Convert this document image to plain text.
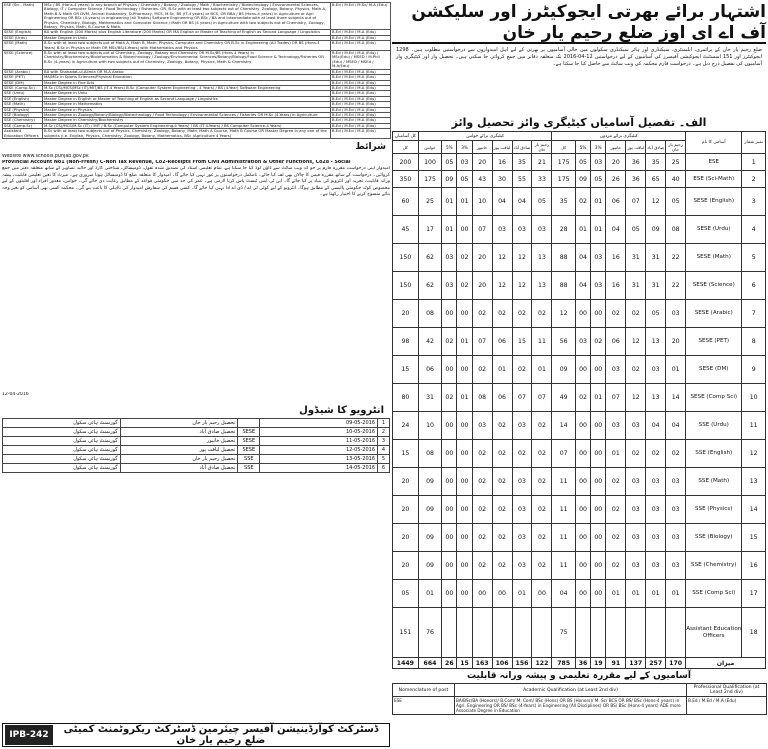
ESE (Sci - Math)	MSc / BS (Hons-4 years) in any branch of Physics / Chemistry / Botany / Zoology / Math / Biochemistry / Biotechnology / Environmental Sciences, Biology, IT / Computer Science / Food Technology / Fisheries. OR, B.Sc with at least two subjects out of Chemistry, Zoology, Botany, Physics, Math-A, Math-B & Math OR DVM, Animal Husbandry, D-Pharmacy, MCS, M.Sc, BS (IT-4 years) or BCS, OR BBA / BS (Hons-4 years) in Agriculture or Agri Engineering OR BSc (4-years) in engineering (all Trades) Software Engineering OR BSc / BA and Intermediate with at least three subjects out of Physics, Chemistry, Biology, Mathematics and Computer Science / Math OR BS (4 years) in Agriculture with two subjects out of Chemistry, Zoology, Botany, Physics, Math, B.Course & Math.	B.Ed / M.Ed / M.Sc/ M.A (Edu)
SESE (English)	BA with English (200 Marks) plus English Literature (200 Marks) OR MA English or Master of Teaching of English as Second Language / Linguistics	B.Ed / M.Ed / M.A (Edu)
SESE (Urdu)	Master Degree in Urdu	B.Ed / M.Ed / M.A (Edu)
SESE (Math)	B.Sc with at least two subjects out of Math A, Math B, Math, Physics, Computer and Chemistry OR B.Sc in Engineering (All Trades) OR BS (Hons-4 Years) B.Sc in Physics or Math OR MSc/BS(4-Years) with Mathematics and Physics	B.Ed / M.Ed / M.A (Edu)
SESE (Science)	B.Sc with at least two subjects out of Chemistry, Zoology, Botany and Chemistry OR M.Sc/BS (Hons 4 Years) in Chemistry/Biochemistry/Bioinformatics & Biotechnology / Zoology/Environmental Sciences/Botany/Biology/Food Science & Technology/Fisheries OR B.Sc (4-years) in Agriculture with two subjects out of Chemistry, Zoology, Botany, Physics, Math & Chemistry	B.Ed / M.Ed / M.A (Edu) / MSc(Edu) / MSED / M.Phil (Edu) / MSED / MSEd / M.A(Edu)
SESE (Arabic)	BA with Shahadat-ul-Alimia OR M.A Arabic	B.Ed / M.Ed / M.A (Edu)
SESE (PET)	MA/MSc in Sports Sciences/Physical Education	B.Ed / M.Ed / M.A (Edu)
SESE (DM)	Master Degree in Fine Arts	B.Ed / M.Ed / M.A (Edu)
SESE (Comp-Sc)	M.Sc (CS)/MCS/MSc (IT)/MIT/BS (IT-4 Years) B.Sc (Computer System Engineering - 4 Years) / BS (4-Year) Software Engineering	B.Ed / M.Ed / M.A (Edu)
SSE (Urdu)	Master Degree in Urdu	B.Ed / M.Ed / M.A (Edu)
SSE (English)	Master Degree in English or Master of Teaching of English as Second Language / Linguistics	B.Ed / M.Ed / M.A (Edu)
SSE (Math)	Master Degree in Mathematics	B.Ed / M.Ed / M.A (Edu)
SSE (Physics)	Master Degree in Physics	B.Ed / M.Ed / M.A (Edu)
SSE (Biology)	Master Degree in Zoology/Botany/Biology/Biotechnology / Food Technology / Environmental Sciences / Fisheries OR M.Sc (4-Years) in Agriculture	B.Ed / M.Ed / M.A (Edu)
SSE (Chemistry)	Master Degree in Chemistry/Biochemistry	B.Ed / M.Ed / M.A (Edu)
SSE (Comp-Sc)	M.Sc (CS)/MCS/M.Sc (IT) / MIT / B.Sc (Computer System Engineering-4 Years) / BS (IT 4-Years) / BS Computer Science-4 Years)	B.Ed / M.Ed / M.A (Edu)
Assistant Education Officers	B.Sc with at least two subjects out of Physics, Chemistry, Zoology, Botany, Math, Math A Course, Math B Course OR Master Degree in any one of the subjects (i.e. English, Physics, Chemistry, Zoology, Botany, Mathematics, BSc (Agriculture 4 Years)	B.Ed / M.Ed / M.A (Edu)
شرائط
Website www.schools.punjab.gov.pk
Provincial Account No1 (Non-Fresh) C-Non Tax Revenue, Co2-Receipts From Civil Administration & Other Functions, Co28 - Social
امیدوار اپنی درخواست مقررہ فارم پر جو کہ ویب سائٹ سے ڈاؤن لوڈ کیا جا سکتا ہے، تمام تعلیمی اسناد کی تصدیق شدہ نقول، ڈومیسائل، شناختی کارڈ اور حالیہ تصاویر کے ساتھ متعلقہ دفتر میں جمع کروائیں۔ درخواست کے ساتھ مقررہ فیس کا چالان بھی لف کیا جائے۔ نامکمل درخواستوں پر غور نہیں کیا جائے گا۔ امیدوار کا متعلقہ ضلع کا ڈومیسائل ہونا ضروری ہے۔ میرٹ کا تعین تعلیمی قابلیت، پیشہ ورانہ قابلیت، تجربہ اور انٹرویو کی بنیاد پر کیا جائے گا۔ این ٹی ایس ٹیسٹ پاس کرنا لازمی ہے۔ عمر کی حد میں حکومتی قواعد کے مطابق رعایت دی جائے گی۔ خواتین، معذور افراد اور اقلیتوں کے لیے مخصوص کوٹہ حکومتی پالیسی کے مطابق ہوگا۔ انٹرویو کے لیے کوئی ٹی اے / ڈی اے ادا نہیں کیا جائے گا۔ کسی قسم کی سفارش امیدوار کی نااہلی کا باعث بنے گی۔ محکمہ کسی بھی آسامی کو بغیر وجہ بتائے منسوخ کرنے کا اختیار رکھتا ہے۔
12-04-2016
انٹرویو کا شیڈول
گورنمنٹ ہائی سکول	تحصیل رحیم یار خان		09-05-2016	1
گورنمنٹ ہائی سکول	تحصیل صادق آباد	SESE	10-05-2016	2
گورنمنٹ ہائی سکول	تحصیل خانپور	SESE	11-05-2016	3
گورنمنٹ ہائی سکول	تحصیل لیاقت پور	SESE	12-05-2016	4
گورنمنٹ ہائی سکول	تحصیل رحیم یار خان	SSE	13-05-2016	5
گورنمنٹ ہائی سکول	تحصیل صادق آباد	SSE	14-05-2016	6
IPB-242	ڈسٹرکٹ کوآرڈینیشن آفیسر چیئرمین ڈسٹرکٹ ریکروٹمنٹ کمیٹی ضلع رحیم یار خان
اشتہار برائے بھرتی ایجوکیٹرز اور سلیکشن آف اے ای اوز ضلع رحیم یار خان
ضلع رحیم یار خان کے پرائمری، ایلیمنٹری، سیکنڈری اور ہائر سیکنڈری سکولوں میں خالی آسامیوں پر بھرتی کے لیے اہل امیدواروں سے درخواستیں مطلوب ہیں۔ 1298 ایجوکیٹرز اور 151 اسسٹنٹ ایجوکیشن آفیسرز کی آسامیوں کے لیے درخواستیں 12-04-2016 تک متعلقہ دفاتر میں جمع کروائی جا سکتی ہیں۔ تحصیل وار اور کیٹیگری وار آسامیوں کی تفصیل درج ذیل ہے۔ درخواست فارم محکمہ کی ویب سائٹ سے حاصل کیا جا سکتا ہے۔
الف۔ تفصیل آسامیاں کیٹیگری وائز تحصیل وائز
کل آسامیاں	کیٹیگری برائے خواتین							کیٹیگری برائے مردوں							آسامی کا نام	نمبر شمار
کل	خواتین	5%	3%	خانپور	لیاقت پور	صادق آباد	رحیم یار خان	کل	5%	3%	خانپور	لیاقت پور	صادق آباد	رحیم یار خان		
200	100	05	03	20	16	35	21	175	05	03	20	36	35	25	ESE	1
350	175	09	05	43	30	55	33	175	09	05	26	36	65	40	ESE (Sci-Math)	2
60	25	01	01	10	04	04	05	35	02	01	06	07	12	05	SESE (English)	3
45	17	01	00	07	03	03	03	28	01	01	04	05	09	08	SESE (Urdu)	4
150	62	03	02	20	12	12	13	88	04	03	16	31	31	22	SESE (Math)	5
150	62	03	02	20	12	12	13	88	04	03	16	31	31	22	SESE (Science)	6
20	08	00	00	02	02	02	02	12	00	00	02	02	05	03	SESE (Arabic)	7
98	42	02	01	07	06	15	11	56	03	02	06	12	13	20	SESE (PET)	8
15	06	00	00	02	01	02	01	09	00	00	03	02	03	01	SESE (DM)	9
80	31	02	01	08	06	07	07	49	02	01	07	12	13	14	SESE (Comp Sci)	10
24	10	00	00	03	02	03	02	14	00	00	03	03	04	04	SSE (Urdu)	11
15	08	00	00	02	02	02	02	07	00	00	01	02	02	02	SSE (English)	12
20	09	00	00	02	02	03	02	11	00	00	02	03	03	03	SSE (Math)	13
20	09	00	00	02	02	03	02	11	00	00	02	03	03	03	SSE (Physics)	14
20	09	00	00	02	02	03	02	11	00	00	02	03	03	03	SSE (Biology)	15
20	09	00	00	02	02	03	02	11	00	00	02	03	03	03	SSE (Chemistry)	16
05	01	00	00	00	00	01	00	04	00	00	01	01	01	01	SSE (Comp Sci)	17
151	76							75							Assistant Education Officers	18
1449	664	26	15	163	106	156	122	785	36	19	91	137	257	170	میزان	
آسامیوں کے لیے مقررہ تعلیمی و پیشہ ورانہ قابلیت
Nomenclature of post	Academic Qualification (at Least 2nd div)	Professional Qualification (at Least 2nd div)
ESE	BA/BSc/BA (Honors)/ B.Com/ M. Com/ BSc (Hons) OR BS (Honors)/ M. Sc/ BCS OR BS/ BSc (Hons-4 years) in Agri. Engineering OR BS/ BSc (4-Years) in Engineering (All Disciplines) OR BS/ BSc (Hons-4 years) ADE more Associate Degree in Education	B.Ed / M.Ed / M.A (Edu)
